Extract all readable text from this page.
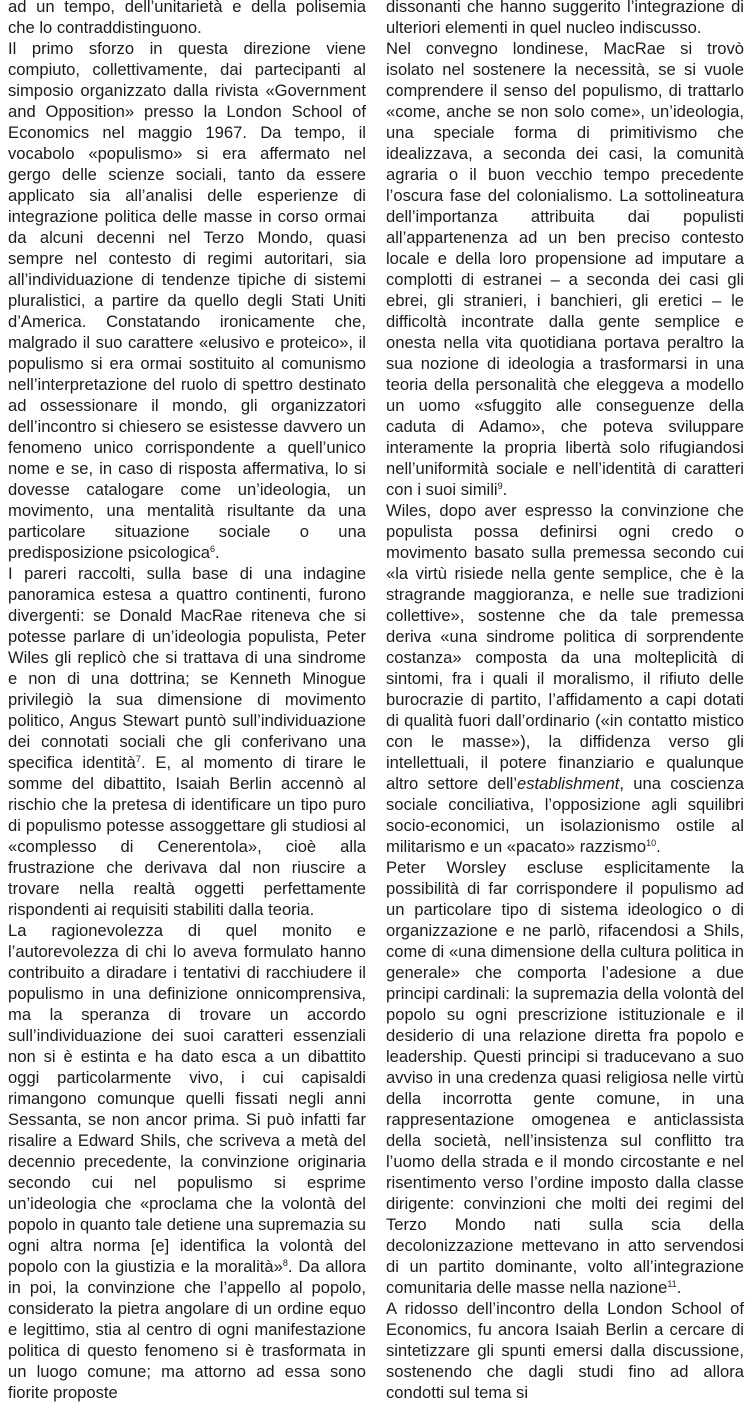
ad un tempo, dell’unitarietà e della polisemia che lo contraddistinguono.

Il primo sforzo in questa direzione viene compiuto, collettivamente, dai partecipanti al simposio organizzato dalla rivista «Government and Opposition» presso la London School of Economics nel maggio 1967. Da tempo, il vocabolo «populismo» si era affermato nel gergo delle scienze sociali, tanto da essere applicato sia all’analisi delle esperienze di integrazione politica delle masse in corso ormai da alcuni decenni nel Terzo Mondo, quasi sempre nel contesto di regimi autoritari, sia all’individuazione di tendenze tipiche di sistemi pluralistici, a partire da quello degli Stati Uniti d’America. Constatando ironicamente che, malgrado il suo carattere «elusivo e proteico», il populismo si era ormai sostituito al comunismo nell’interpretazione del ruolo di spettro destinato ad ossessionare il mondo, gli organizzatori dell’incontro si chiesero se esistesse davvero un fenomeno unico corrispondente a quell’unico nome e se, in caso di risposta affermativa, lo si dovesse catalogare come un’ideologia, un movimento, una mentalità risultante da una particolare situazione sociale o una predisposizione psicologica$^6$.

I pareri raccolti, sulla base di una indagine panoramica estesa a quattro continenti, furono divergenti: se Donald MacRae riteneva che si potesse parlare di un’ideologia populista, Peter Wiles gli replicò che si trattava di una sindrome e non di una dottrina; se Kenneth Minogue privilegiò la sua dimensione di movimento politico, Angus Stewart puntò sull’individuazione dei connotati sociali che gli conferivano una specifica identità$^7$. E, al momento di tirare le somme del dibattito, Isaiah Berlin accennò al rischio che la pretesa di identificare un tipo puro di populismo potesse assoggettare gli studiosi al «complesso di Cenerentola», cioè alla frustrazione che derivava dal non riuscire a trovare nella realtà oggetti perfettamente rispondenti ai requisiti stabiliti dalla teoria.

La ragionevolezza di quel monito e l’autorevolezza di chi lo aveva formulato hanno contribuito a diradare i tentativi di racchiudere il populismo in una definizione onnicomprensiva, ma la speranza di trovare un accordo sull’individuazione dei suoi caratteri essenziali non si è estinta e ha dato esca a un dibattito oggi particolarmente vivo, i cui capisaldi rimangono comunque quelli fissati negli anni Sessanta, se non ancor prima. Si può infatti far risalire a Edward Shils, che scriveva a metà del decennio precedente, la convinzione originaria secondo cui nel populismo si esprime un’ideologia che «proclama che la volontà del popolo in quanto tale detiene una supremazia su ogni altra norma [e] identifica la volontà del popolo con la giustizia e la moralità»$^8$. Da allora in poi, la convinzione che l’appello al popolo, considerato la pietra angolare di un ordine equo e legittimo, stia al centro di ogni manifestazione politica di questo fenomeno si è trasformata in un luogo comune; ma attorno ad essa sono fiorite proposte

dissonanti che hanno suggerito l’integrazione di ulteriori elementi in quel nucleo indiscusso.

Nel convegno londinese, MacRae si trovò isolato nel sostenere la necessità, se si vuole comprendere il senso del populismo, di trattarlo «come, anche se non solo come», un’ideologia, una speciale forma di primitivismo che idealizzava, a seconda dei casi, la comunità agraria o il buon vecchio tempo precedente l’oscura fase del colonialismo. La sottolineatura dell’importanza attribuita dai populisti all’appartenenza ad un ben preciso contesto locale e della loro propensione ad imputare a complotti di estranei – a seconda dei casi gli ebrei, gli stranieri, i banchieri, gli eretici – le difficoltà incontrate dalla gente semplice e onesta nella vita quotidiana portava peraltro la sua nozione di ideologia a trasformarsi in una teoria della personalità che eleggeva a modello un uomo «sfuggito alle conseguenze della caduta di Adamo», che poteva sviluppare interamente la propria libertà solo rifugiandosi nell’uniformità sociale e nell’identità di caratteri con i suoi simili$^9$.

Wiles, dopo aver espresso la convinzione che populista possa definirsi ogni credo o movimento basato sulla premessa secondo cui «la virtù risiede nella gente semplice, che è la stragrande maggioranza, e nelle sue tradizioni collettive», sostenne che da tale premessa deriva «una sindrome politica di sorprendente costanza» composta da una molteplicità di sintomi, fra i quali il moralismo, il rifiuto delle burocrazie di partito, l’affidamento a capi dotati di qualità fuori dall’ordinario («in contatto mistico con le masse»), la diffidenza verso gli intellettuali, il potere finanziario e qualunque altro settore dell’establishment, una coscienza sociale conciliativa, l’opposizione agli squilibri socio-economici, un isolazionismo ostile al militarismo e un «pacato» razzismo$^{10}$.

Peter Worsley escluse esplicitamente la possibilità di far corrispondere il populismo ad un particolare tipo di sistema ideologico o di organizzazione e ne parlò, rifacendosi a Shils, come di «una dimensione della cultura politica in generale» che comporta l’adesione a due principi cardinali: la supremazia della volontà del popolo su ogni prescrizione istituzionale e il desiderio di una relazione diretta fra popolo e leadership. Questi principi si traducevano a suo avviso in una credenza quasi religiosa nelle virtù della incorrotta gente comune, in una rappresentazione omogenea e anticlassista della società, nell’insistenza sul conflitto tra l’uomo della strada e il mondo circostante e nel risentimento verso l’ordine imposto dalla classe dirigente: convinzioni che molti dei regimi del Terzo Mondo nati sulla scia della decolonizzazione mettevano in atto servendosi di un partito dominante, volto all’integrazione comunitaria delle masse nella nazione$^{11}$.

A ridosso dell’incontro della London School of Economics, fu ancora Isaiah Berlin a cercare di sintetizzare gli spunti emersi dalla discussione, sostenendo che dagli studi fino ad allora condotti sul tema si
